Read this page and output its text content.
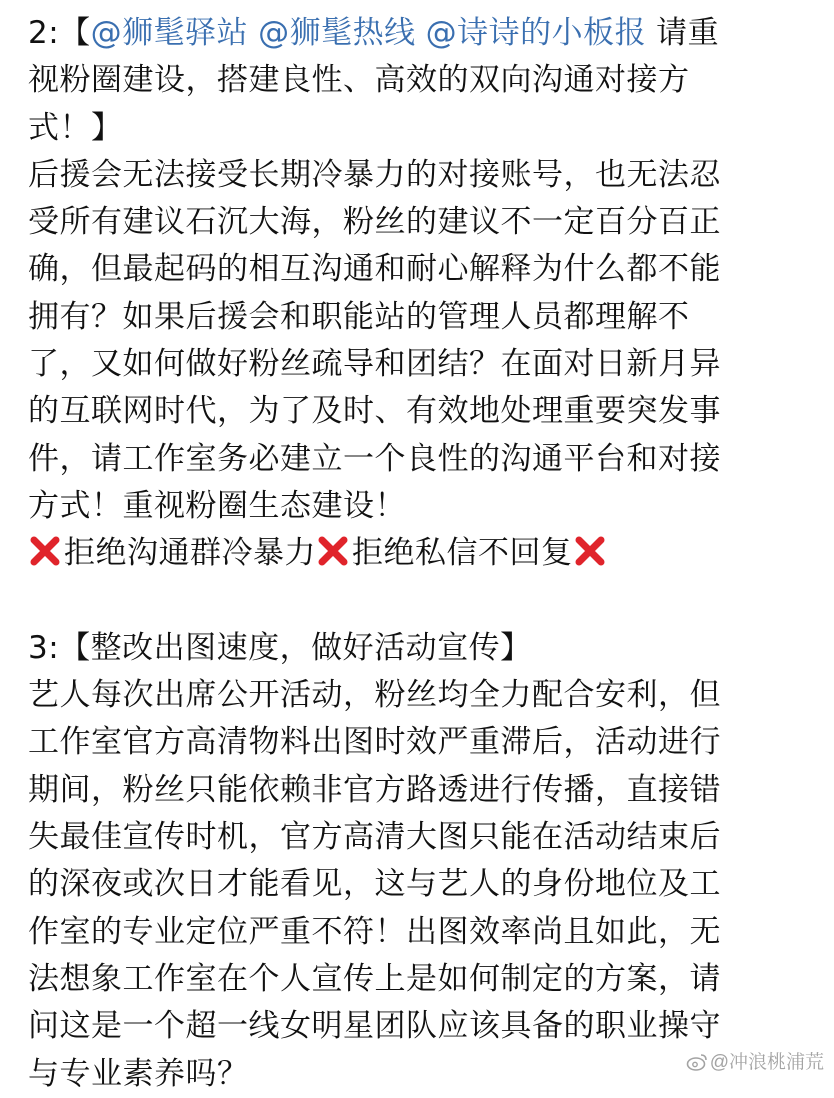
2:【@狮髦驿站 @狮髦热线 @诗诗的小板报 请重
视粉圈建设，搭建良性、高效的双向沟通对接方
式！】
后援会无法接受长期冷暴力的对接账号，也无法忍
受所有建议石沉大海，粉丝的建议不一定百分百正
确，但最起码的相互沟通和耐心解释为什么都不能
拥有？如果后援会和职能站的管理人员都理解不
了，又如何做好粉丝疏导和团结？在面对日新月异
的互联网时代，为了及时、有效地处理重要突发事
件，请工作室务必建立一个良性的沟通平台和对接
方式！重视粉圈生态建设！
拒绝沟通群冷暴力 拒绝私信不回复
3:【整改出图速度，做好活动宣传】
艺人每次出席公开活动，粉丝均全力配合安利，但
工作室官方高清物料出图时效严重滞后，活动进行
期间，粉丝只能依赖非官方路透进行传播，直接错
失最佳宣传时机，官方高清大图只能在活动结束后
的深夜或次日才能看见，这与艺人的身份地位及工
作室的专业定位严重不符！出图效率尚且如此，无
法想象工作室在个人宣传上是如何制定的方案，请
问这是一个超一线女明星团队应该具备的职业操守
与专业素养吗？	@冲浪桃浦荒
